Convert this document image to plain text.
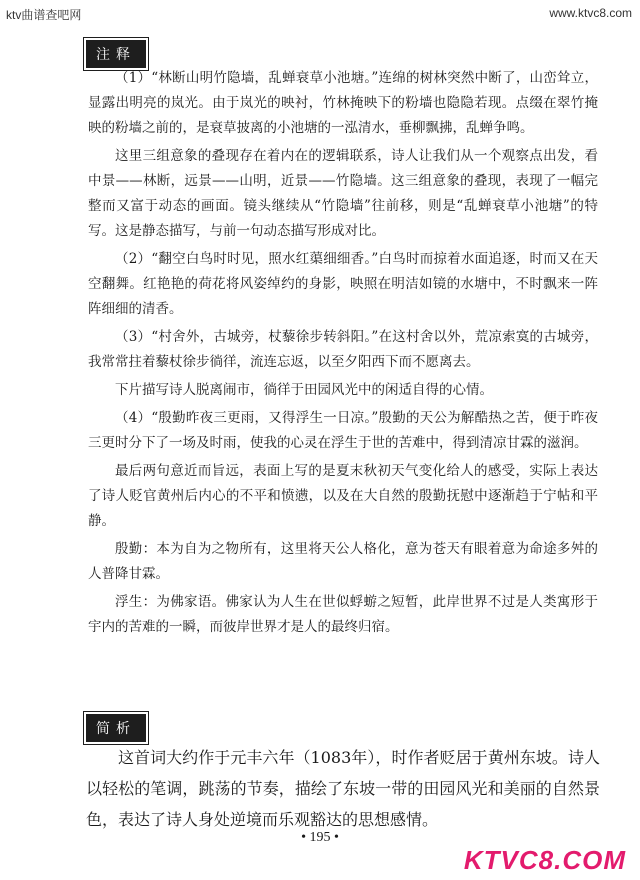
ktv曲谱查吧网	www.ktvc8.com
注释

（1）“林断山明竹隐墙，乱蝉衰草小池塘。”连绵的树林突然中断了，山峦耸立，显露出明亮的岚光。由于岚光的映衬，竹林掩映下的粉墙也隐隐若现。点缀在翠竹掩映的粉墙之前的，是衰草披离的小池塘的一泓清水，垂柳飘拂，乱蝉争鸣。

这里三组意象的叠现存在着内在的逻辑联系，诗人让我们从一个观察点出发，看中景——林断，远景——山明，近景——竹隐墙。这三组意象的叠现，表现了一幅完整而又富于动态的画面。镜头继续从“竹隐墙”往前移，则是“乱蝉衰草小池塘”的特写。这是静态描写，与前一句动态描写形成对比。

（2）“翻空白鸟时时见，照水红蕖细细香。”白鸟时而掠着水面追逐，时而又在天空翻舞。红艳艳的荷花将风姿绰约的身影，映照在明洁如镜的水塘中，不时飘来一阵阵细细的清香。

（3）“村舍外，古城旁，杖藜徐步转斜阳。”在这村舍以外，荒凉索寞的古城旁，我常常拄着藜杖徐步徜徉，流连忘返，以至夕阳西下而不愿离去。

下片描写诗人脱离闹市，徜徉于田园风光中的闲适自得的心情。

（4）“殷勤昨夜三更雨，又得浮生一日凉。”殷勤的天公为解酷热之苦，便于昨夜三更时分下了一场及时雨，使我的心灵在浮生于世的苦难中，得到清凉甘霖的滋润。

最后两句意近而旨远，表面上写的是夏末秋初天气变化给人的感受，实际上表达了诗人贬官黄州后内心的不平和愤懑，以及在大自然的殷勤抚慰中逐渐趋于宁帖和平静。

殷勤：本为自为之物所有，这里将天公人格化，意为苍天有眼着意为命途多舛的人普降甘霖。

浮生：为佛家语。佛家认为人生在世似蜉蝣之短暂，此岸世界不过是人类寓形于宇内的苦难的一瞬，而彼岸世界才是人的最终归宿。

简析

这首词大约作于元丰六年（1083年），时作者贬居于黄州东坡。诗人以轻松的笔调，跳荡的节奏，描绘了东坡一带的田园风光和美丽的自然景色，表达了诗人身处逆境而乐观豁达的思想感情。

• 195 •
KTVC8.COM
